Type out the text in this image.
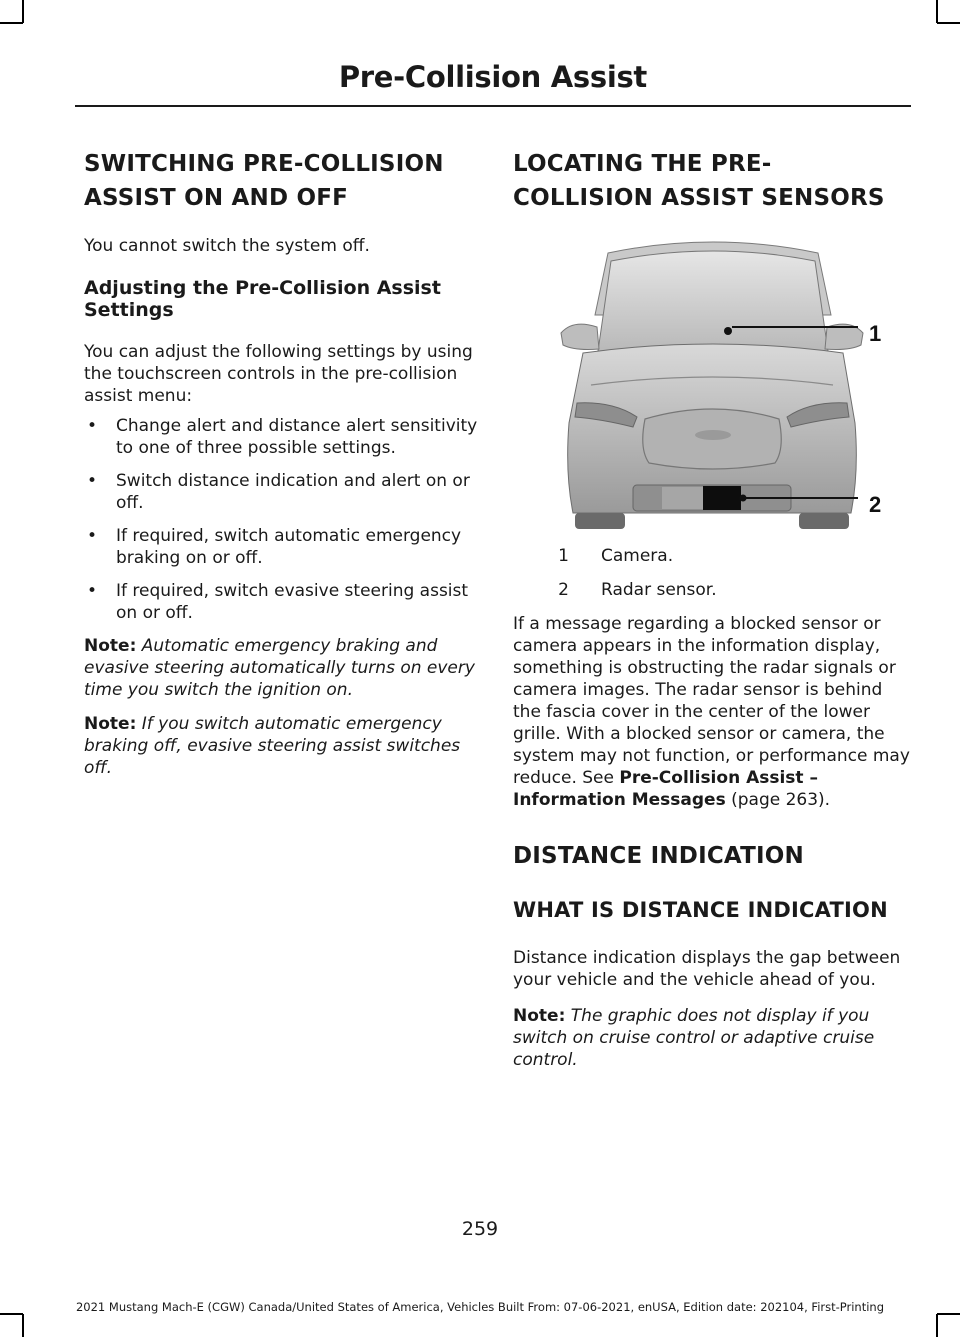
Pre-Collision Assist
SWITCHING PRE-COLLISION ASSIST ON AND OFF

You cannot switch the system off.

Adjusting the Pre-Collision Assist Settings

You can adjust the following settings by using the touchscreen controls in the pre-collision assist menu:

• Change alert and distance alert sensitivity to one of three possible settings.
• Switch distance indication and alert on or off.
• If required, switch automatic emergency braking on or off.
• If required, switch evasive steering assist on or off.

Note: Automatic emergency braking and evasive steering automatically turns on every time you switch the ignition on.

Note: If you switch automatic emergency braking off, evasive steering assist switches off.

LOCATING THE PRE-COLLISION ASSIST SENSORS
1
2
1	Camera.
2	Radar sensor.

If a message regarding a blocked sensor or camera appears in the information display, something is obstructing the radar signals or camera images. The radar sensor is behind the fascia cover in the center of the lower grille. With a blocked sensor or camera, the system may not function, or performance may reduce. See Pre-Collision Assist – Information Messages (page 263).

DISTANCE INDICATION
WHAT IS DISTANCE INDICATION

Distance indication displays the gap between your vehicle and the vehicle ahead of you.

Note: The graphic does not display if you switch on cruise control or adaptive cruise control.

259
2021 Mustang Mach-E (CGW) Canada/United States of America, Vehicles Built From: 07-06-2021, enUSA, Edition date: 202104, First-Printing
